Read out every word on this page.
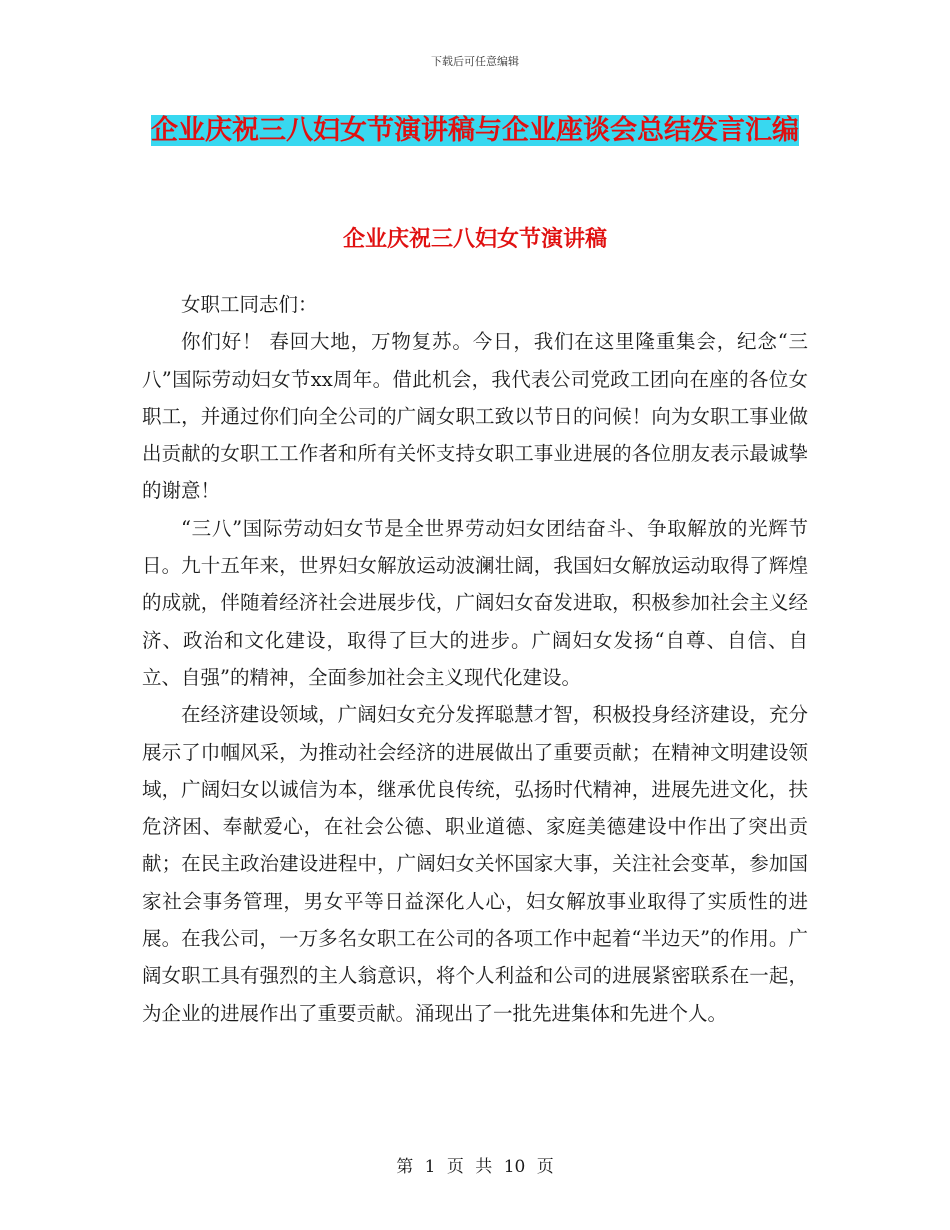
下载后可任意编辑
企业庆祝三八妇女节演讲稿与企业座谈会总结发言汇编
企业庆祝三八妇女节演讲稿

女职工同志们：

你们好！ 春回大地，万物复苏。今日，我们在这里隆重集会，纪念“三八”国际劳动妇女节xx周年。借此机会，我代表公司党政工团向在座的各位女职工，并通过你们向全公司的广阔女职工致以节日的问候！向为女职工事业做出贡献的女职工工作者和所有关怀支持女职工事业进展的各位朋友表示最诚挚的谢意！

“三八”国际劳动妇女节是全世界劳动妇女团结奋斗、争取解放的光辉节日。九十五年来，世界妇女解放运动波澜壮阔，我国妇女解放运动取得了辉煌的成就，伴随着经济社会进展步伐，广阔妇女奋发进取，积极参加社会主义经济、政治和文化建设，取得了巨大的进步。广阔妇女发扬“自尊、自信、自立、自强”的精神，全面参加社会主义现代化建设。

在经济建设领域，广阔妇女充分发挥聪慧才智，积极投身经济建设，充分展示了巾帼风采，为推动社会经济的进展做出了重要贡献；在精神文明建设领域，广阔妇女以诚信为本，继承优良传统，弘扬时代精神，进展先进文化，扶危济困、奉献爱心，在社会公德、职业道德、家庭美德建设中作出了突出贡献；在民主政治建设进程中，广阔妇女关怀国家大事，关注社会变革，参加国家社会事务管理，男女平等日益深化人心，妇女解放事业取得了实质性的进展。在我公司，一万多名女职工在公司的各项工作中起着“半边天”的作用。广阔女职工具有强烈的主人翁意识，将个人利益和公司的进展紧密联系在一起，为企业的进展作出了重要贡献。涌现出了一批先进集体和先进个人。

第 1 页 共 10 页
